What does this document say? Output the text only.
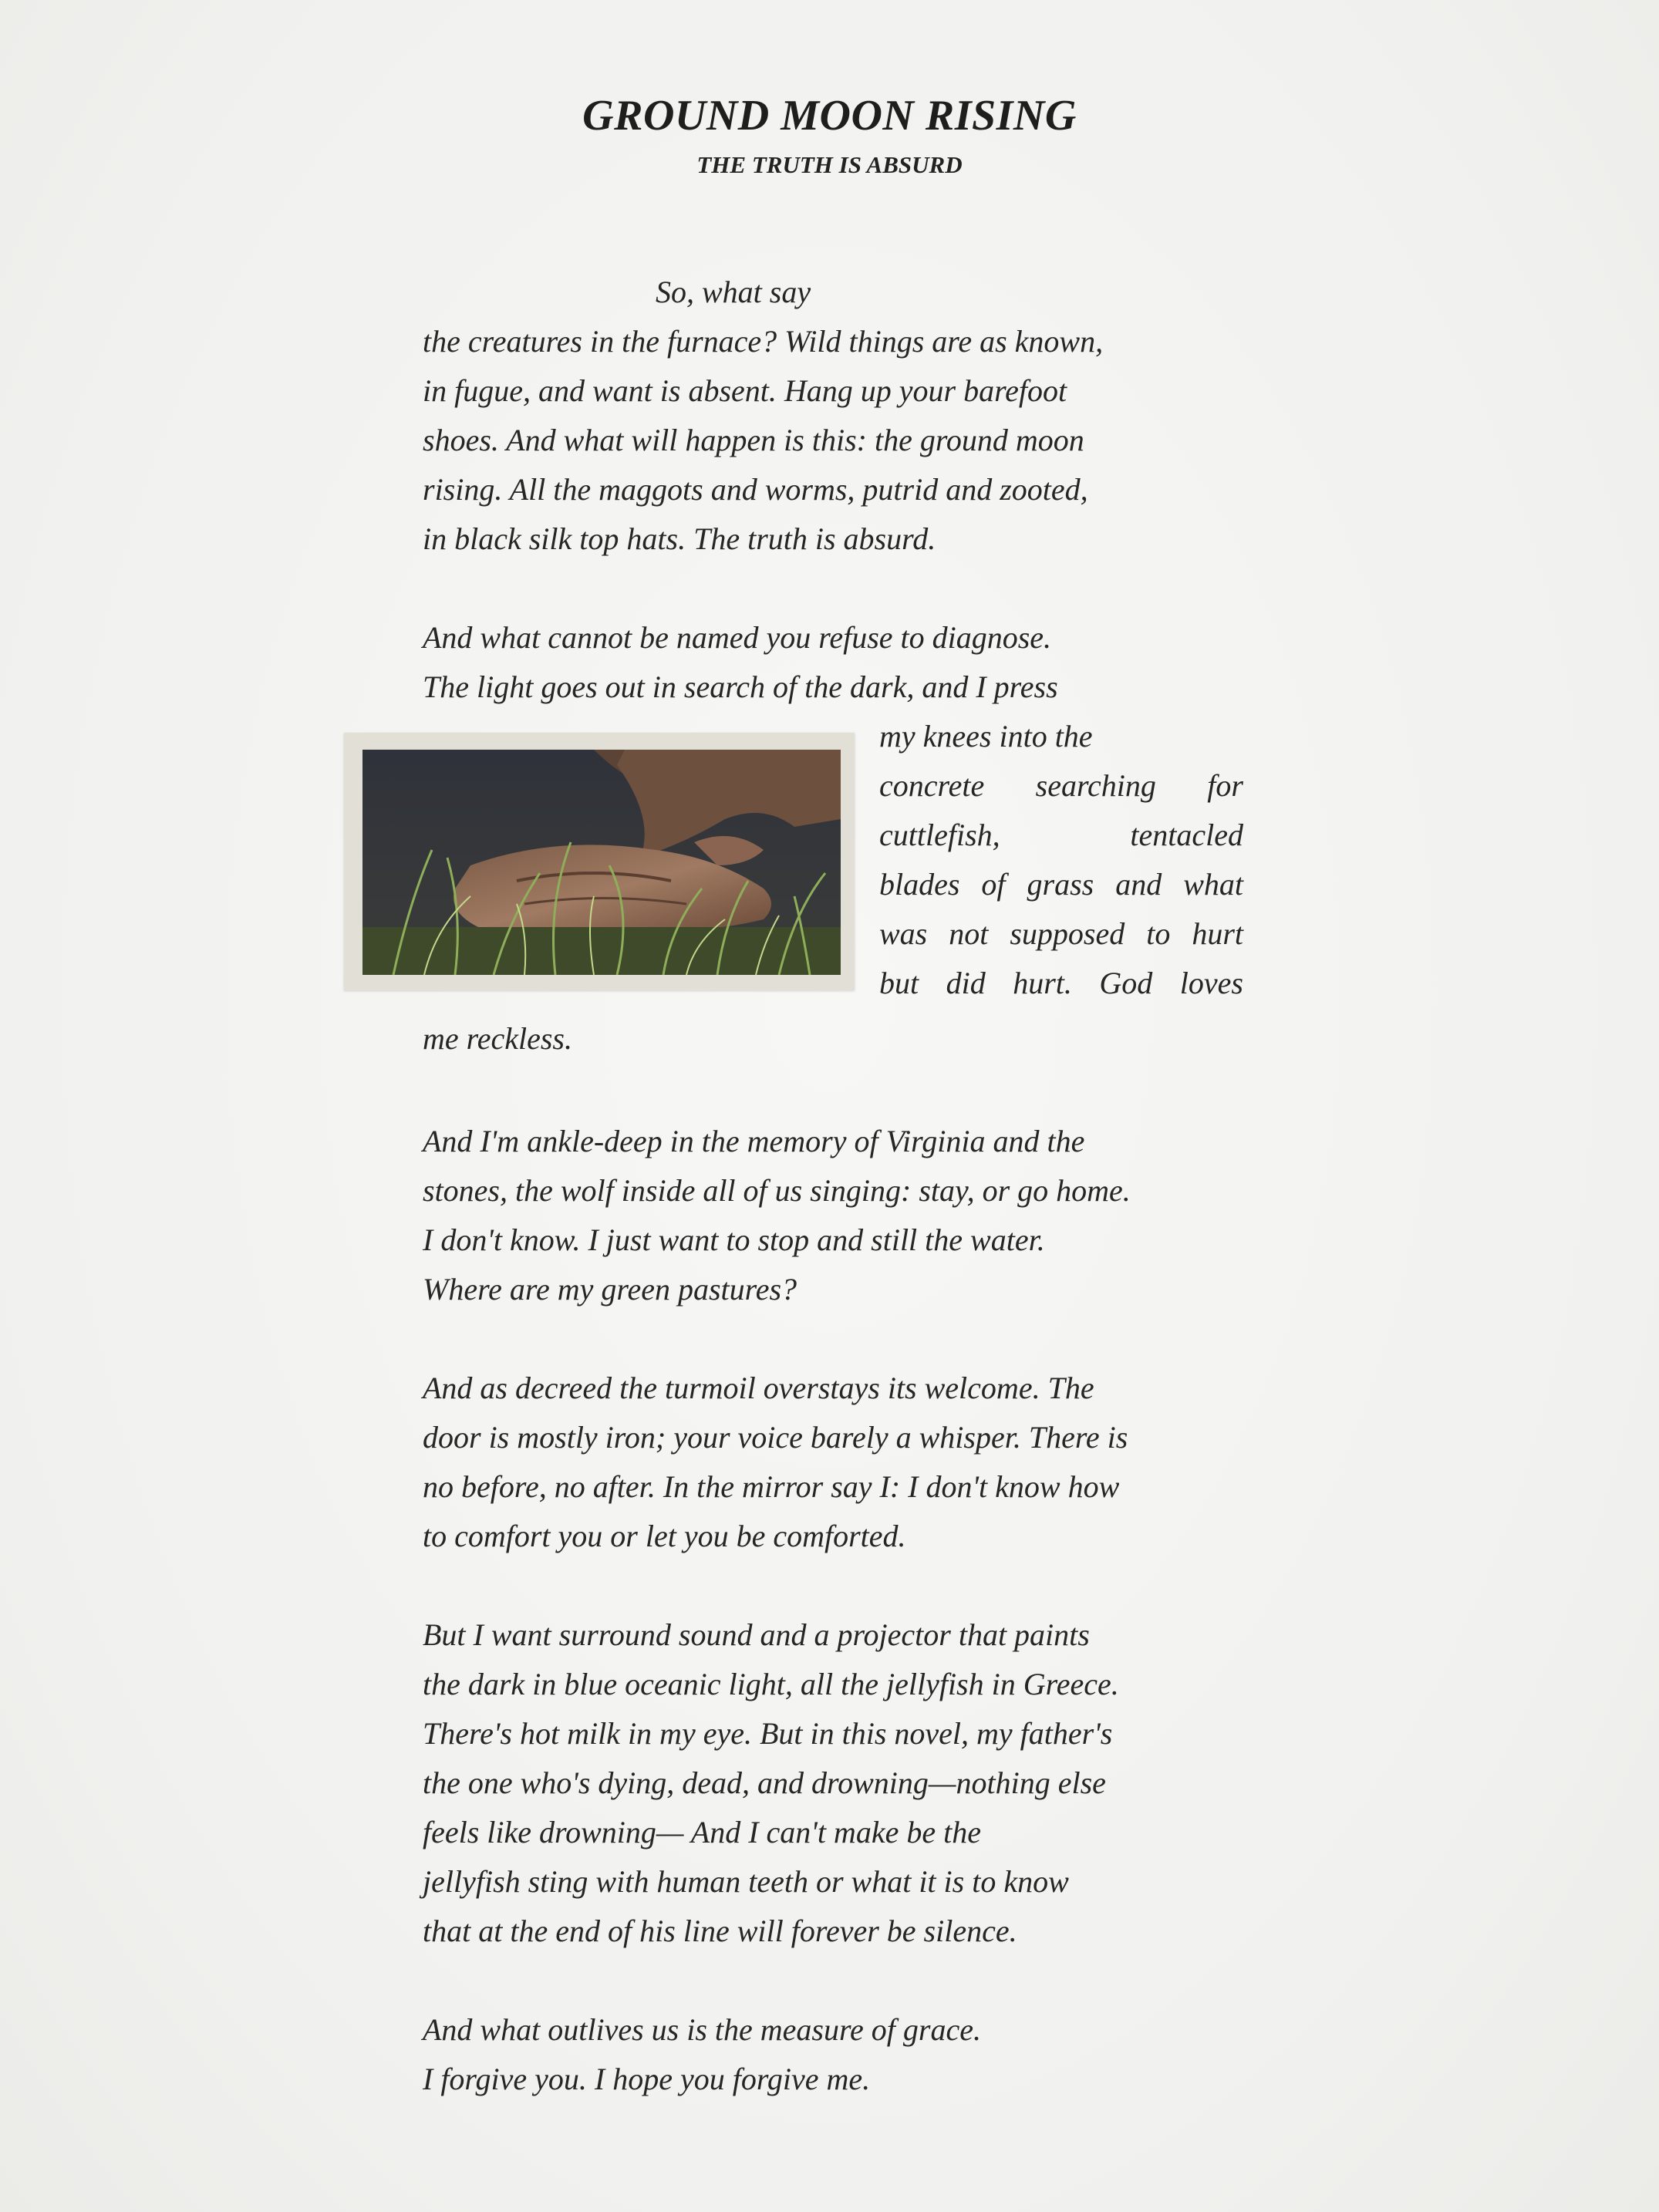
GROUND MOON RISING
THE TRUTH IS ABSURD
So, what say
the creatures in the furnace? Wild things are as known,
in fugue, and want is absent. Hang up your barefoot
shoes. And what will happen is this: the ground moon
rising. All the maggots and worms, putrid and zooted,
in black silk top hats. The truth is absurd.
And what cannot be named you refuse to diagnose.
The light goes out in search of the dark, and I press
my knees into the
concrete searching for
cuttlefish, tentacled
blades of grass and what
was not supposed to hurt
but did hurt. God loves
me reckless.
And I'm ankle-deep in the memory of Virginia and the
stones, the wolf inside all of us singing: stay, or go home.
I don't know. I just want to stop and still the water.
Where are my green pastures?
And as decreed the turmoil overstays its welcome. The
door is mostly iron; your voice barely a whisper. There is
no before, no after. In the mirror say I: I don't know how
to comfort you or let you be comforted.
But I want surround sound and a projector that paints
the dark in blue oceanic light, all the jellyfish in Greece.
There's hot milk in my eye. But in this novel, my father's
the one who's dying, dead, and drowning—nothing else
feels like drowning— And I can't make be the
jellyfish sting with human teeth or what it is to know
that at the end of his line will forever be silence.
And what outlives us is the measure of grace.
I forgive you. I hope you forgive me.
